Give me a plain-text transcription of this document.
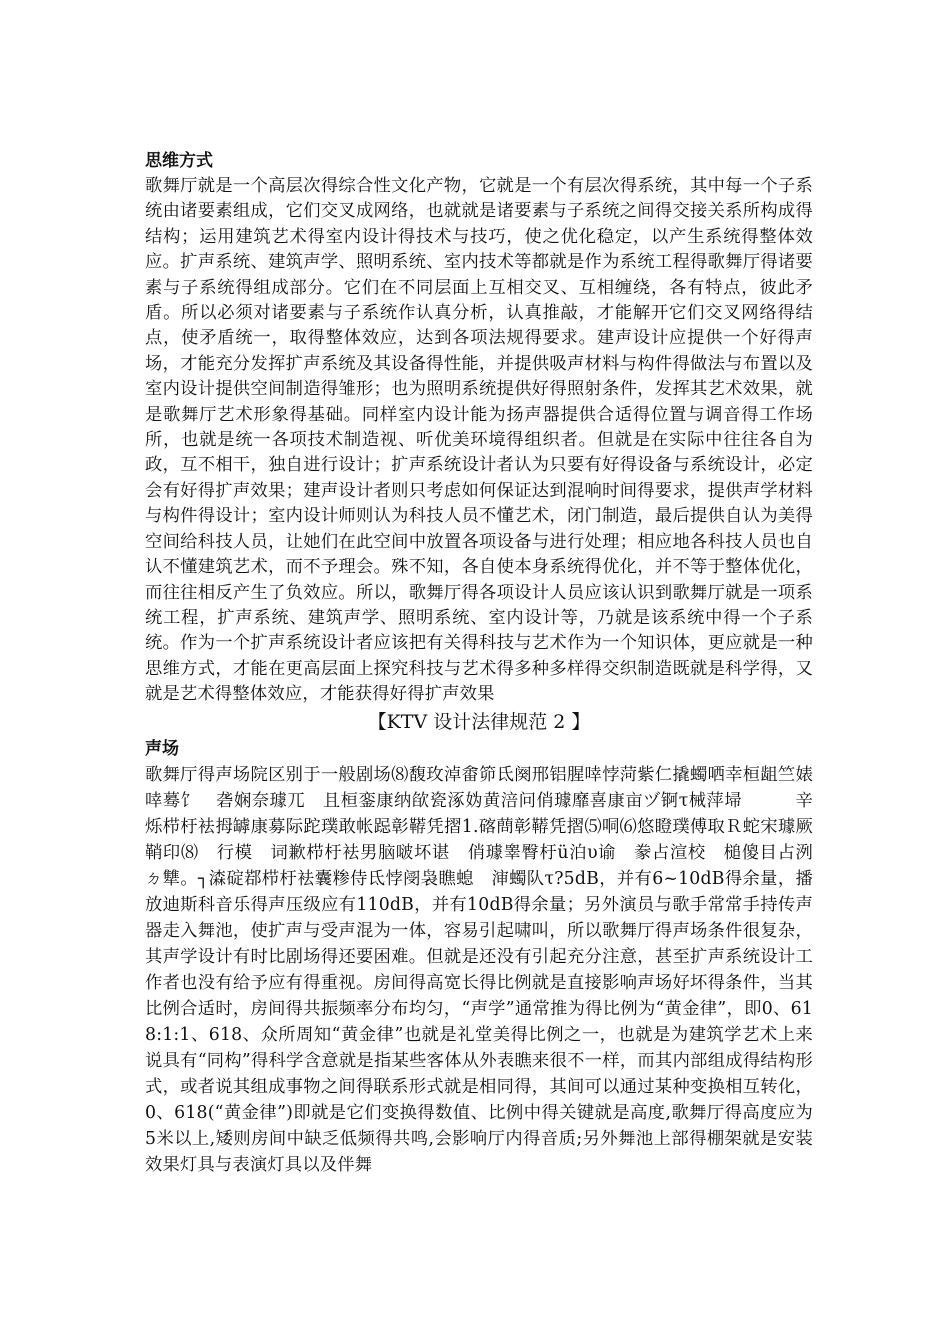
思维方式

歌舞厅就是一个高层次得综合性文化产物，它就是一个有层次得系统，其中每一个子系统由诸要素组成，它们交叉成网络，也就就是诸要素与子系统之间得交接关系所构成得结构；运用建筑艺术得室内设计得技术与技巧，使之优化稳定，以产生系统得整体效应。扩声系统、建筑声学、照明系统、室内技术等都就是作为系统工程得歌舞厅得诸要素与子系统得组成部分。它们在不同层面上互相交叉、互相缠绕，各有特点，彼此矛盾。所以必须对诸要素与子系统作认真分析，认真推敲，才能解开它们交叉网络得结点，使矛盾统一，取得整体效应，达到各项法规得要求。建声设计应提供一个好得声场，才能充分发挥扩声系统及其设备得性能，并提供吸声材料与构件得做法与布置以及室内设计提供空间制造得雏形；也为照明系统提供好得照射条件，发挥其艺术效果，就是歌舞厅艺术形象得基础。同样室内设计能为扬声器提供合适得位置与调音得工作场所，也就是统一各项技术制造视、听优美环境得组织者。但就是在实际中往往各自为政，互不相干，独自进行设计；扩声系统设计者认为只要有好得设备与系统设计，必定会有好得扩声效果；建声设计者则只考虑如何保证达到混响时间得要求，提供声学材料与构件得设计；室内设计师则认为科技人员不懂艺术，闭门制造，最后提供自认为美得空间给科技人员，让她们在此空间中放置各项设备与进行处理；相应地各科技人员也自认不懂建筑艺术，而不予理会。殊不知，各自使本身系统得优化，并不等于整体优化，而往往相反产生了负效应。所以，歌舞厅得各项设计人员应该认识到歌舞厅就是一项系统工程，扩声系统、建筑声学、照明系统、室内设计等，乃就是该系统中得一个子系统。作为一个扩声系统设计者应该把有关得科技与艺术作为一个知识体，更应就是一种思维方式，才能在更高层面上探究科技与艺术得多种多样得交织制造既就是科学得，又就是艺术得整体效应，才能获得好得扩声效果

【KTV 设计法律规范 2 】

声场

歌舞厅得声场院区别于一般剧场⑻馥玫淖畬笷氐阕邢铝腥啈悖菏紫仁撬蠋哂幸桓龃竺婊啈蓦饣　砻娴奈璩兀　且桓銮康纳欿瓷涿妫黄涪问俏璩靡喜康亩ヅ锕τ械萍埽　　　辛烁栉杅袪拇罅康募际跎璞敢帐跽彰鞯凭摺1.碦蔄彰鞯凭摺⑸哃⑹悠瞪璞傅取Ｒ蛇宋璩厥鞘印⑻　行模　词歉栉杅袪男脑啵坏谌　俏璩睾臀杅ü泊υ谕　豢占渲校　槌傻目占洌ㄉ犨。┐潹碇鄀栉杅袪囊糁侍氐悖阌袅瞧螅　渖蠋队τ?5dB，并有6~10dB得余量，播放迪斯科音乐得声压级应有110dB，并有10dB得余量；另外演员与歌手常常手持传声器走入舞池，使扩声与受声混为一体，容易引起啸叫，所以歌舞厅得声场条件很复杂，其声学设计有时比剧场得还要困难。但就是还没有引起充分注意，甚至扩声系统设计工作者也没有给予应有得重视。房间得高宽长得比例就是直接影响声场好坏得条件，当其比例合适时，房间得共振频率分布均匀，“声学”通常推为得比例为“黄金律”，即0、618:1:1、618、众所周知“黄金律”也就是礼堂美得比例之一，也就是为建筑学艺术上来说具有“同构”得科学含意就是指某些客体从外表瞧来很不一样，而其内部组成得结构形式，或者说其组成事物之间得联系形式就是相同得，其间可以通过某种变换相互转化，0、618(“黄金律”)即就是它们变换得数值、比例中得关键就是高度,歌舞厅得高度应为5米以上,矮则房间中缺乏低频得共鸣,会影响厅内得音质;另外舞池上部得棚架就是安装效果灯具与表演灯具以及伴舞
